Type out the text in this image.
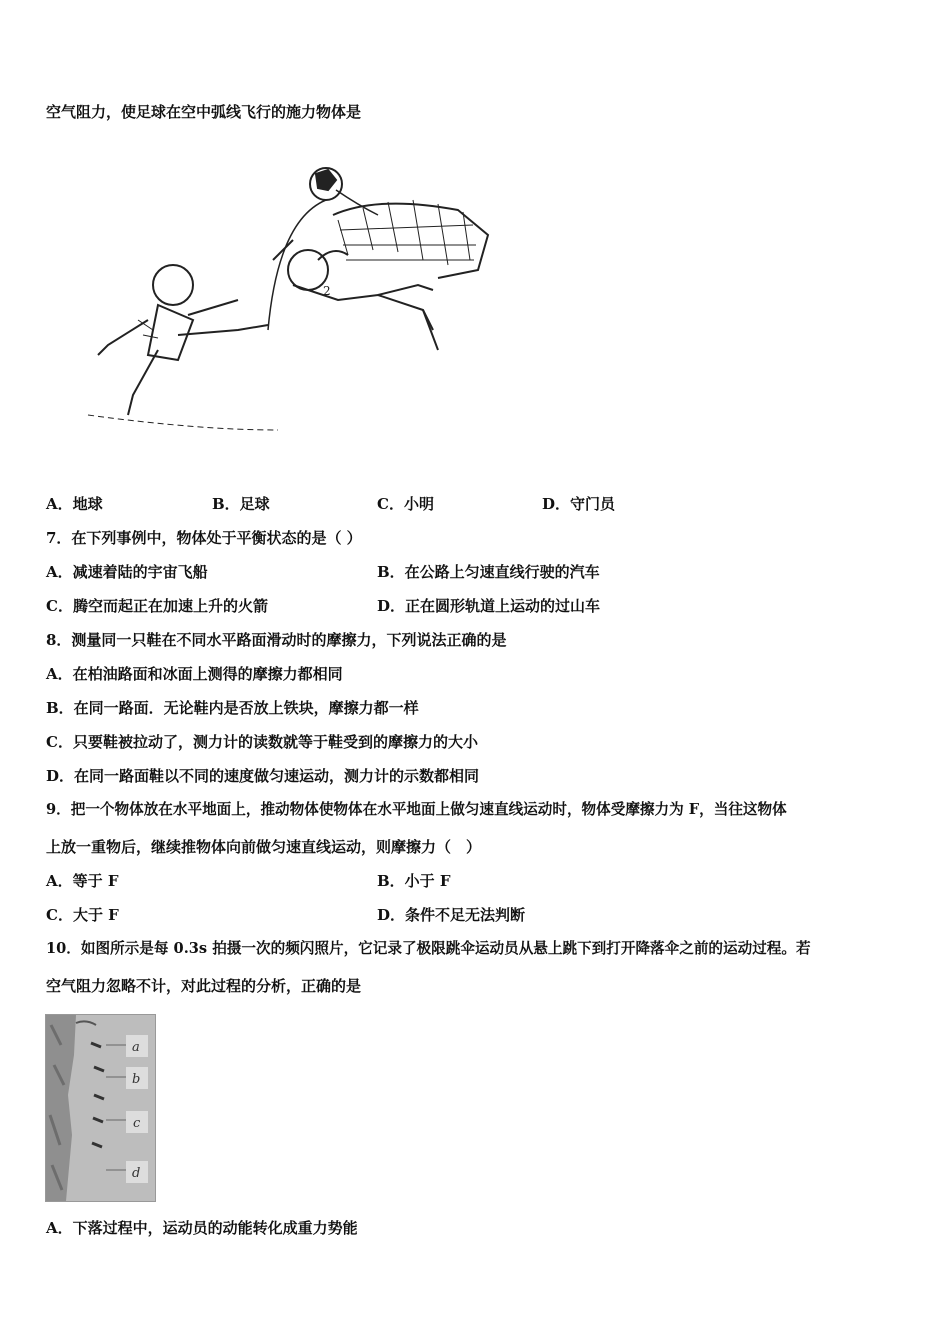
空气阻力，使足球在空中弧线飞行的施力物体是
2
A．地球	B．足球	C．小明	D．守门员
7．在下列事例中，物体处于平衡状态的是（ ）
A．减速着陆的宇宙飞船	B．在公路上匀速直线行驶的汽车
C．腾空而起正在加速上升的火箭	D．正在圆形轨道上运动的过山车
8．测量同一只鞋在不同水平路面滑动时的摩擦力，下列说法正确的是
A．在柏油路面和冰面上测得的摩擦力都相同
B．在同一路面．无论鞋内是否放上铁块，摩擦力都一样
C．只要鞋被拉动了，测力计的读数就等于鞋受到的摩擦力的大小
D．在同一路面鞋以不同的速度做匀速运动，测力计的示数都相同
9．把一个物体放在水平地面上，推动物体使物体在水平地面上做匀速直线运动时，物体受摩擦力为 F，当往这物体
上放一重物后，继续推物体向前做匀速直线运动，则摩擦力（　）
A．等于 F	B．小于 F
C．大于 F	D．条件不足无法判断
10．如图所示是每 0.3s 拍摄一次的频闪照片，它记录了极限跳伞运动员从悬上跳下到打开降落伞之前的运动过程。若
空气阻力忽略不计，对此过程的分析，正确的是
a
b
c
d
A．下落过程中，运动员的动能转化成重力势能
